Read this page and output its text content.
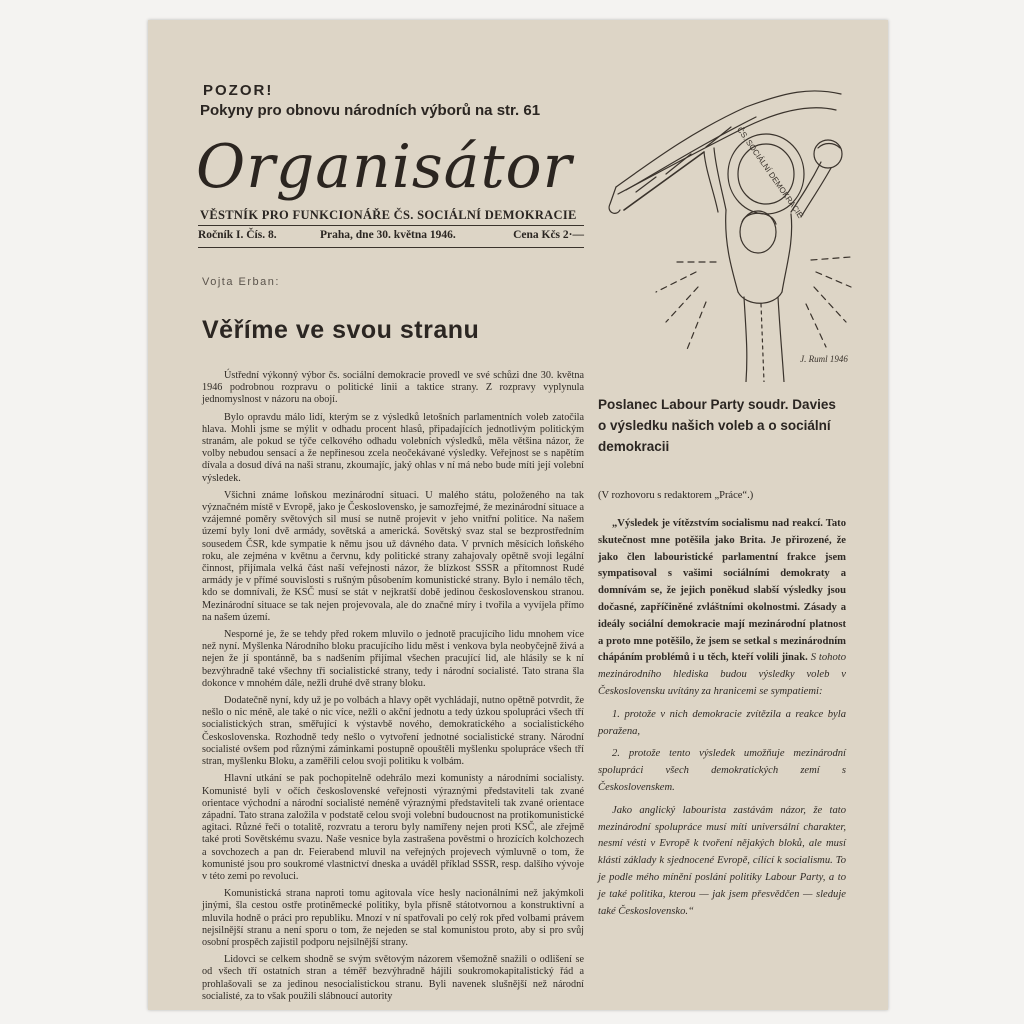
POZOR!
Pokyny pro obnovu národních výborů na str. 61
Organisátor
VĚSTNÍK PRO FUNKCIONÁŘE ČS. SOCIÁLNÍ DEMOKRACIE
Ročník I. Čís. 8.	Praha, dne 30. května 1946.	Cena Kčs 2·—
ČS. SOCIÁLNÍ DEMOKRACIE
J. Ruml 1946
Vojta Erban:
Věříme ve svou stranu

Ústřední výkonný výbor čs. sociální demokracie provedl ve své schůzi dne 30. května 1946 podrobnou rozpravu o politické linii a taktice strany. Z rozpravy vyplynula jednomyslnost v názoru na obojí.

Bylo opravdu málo lidí, kterým se z výsledků letošních parlamentních voleb zatočila hlava. Mohli jsme se mýlit v odhadu procent hlasů, připadajících jednotlivým politickým stranám, ale pokud se týče celkového odhadu volebních výsledků, měla většina názor, že volby nebudou sensací a že nepřinesou zcela neočekávané výsledky. Veřejnost se s napětím dívala a dosud dívá na naši stranu, zkoumajíc, jaký ohlas v ní má nebo bude míti její volební výsledek.

Všichni známe loňskou mezinárodní situaci. U malého státu, položeného na tak význačném místě v Evropě, jako je Československo, je samozřejmé, že mezinárodní situace a vzájemné poměry světových sil musí se nutně projevit v jeho vnitřní politice. Na našem území byly loni dvě armády, sovětská a americká. Sovětský svaz stal se bezprostředním sousedem ČSR, kde sympatie k němu jsou už dávného data. V prvních měsících loňského roku, ale zejména v květnu a červnu, kdy politické strany zahajovaly opětně svoji legální činnost, přijímala velká část naší veřejnosti názor, že blízkost SSSR a přítomnost Rudé armády je v přímé souvislosti s rušným působením komunistické strany. Bylo i nemálo těch, kdo se domnívali, že KSČ musí se stát v nejkratší době jedinou československou stranou. Mezinárodní situace se tak nejen projevovala, ale do značné míry i tvořila a vyvíjela přímo na našem území.

Nesporné je, že se tehdy před rokem mluvilo o jednotě pracujícího lidu mnohem více než nyní. Myšlenka Národního bloku pracujícího lidu měst i venkova byla neobyčejně živá a nejen že jí spontánně, ba s nadšením přijímal všechen pracující lid, ale hlásily se k ní bezvýhradně také všechny tři socialistické strany, tedy i národní socialisté. Tato strana šla dokonce v mnohém dále, nežli druhé dvě strany bloku.

Dodatečně nyní, kdy už je po volbách a hlavy opět vychládají, nutno opětně potvrdit, že nešlo o nic méně, ale také o nic více, nežli o akční jednotu a tedy úzkou spolupráci všech tří socialistických stran, směřující k výstavbě nového, demokratického a socialistického Československa. Rozhodně tedy nešlo o vytvoření jednotné socialistické strany. Národní socialisté ovšem pod různými záminkami postupně opouštěli myšlenku spolupráce všech tří stran, myšlenku Bloku, a zaměřili celou svoji politiku k volbám.

Hlavní utkání se pak pochopitelně odehrálo mezi komunisty a národními socialisty. Komunisté byli v očích československé veřejnosti výraznými představiteli tak zvané orientace východní a národní socialisté neméně výraznými představiteli tak zvané orientace západní. Tato strana založila v podstatě celou svoji volební budoucnost na protikomunistické agitaci. Různé řeči o totalitě, rozvratu a teroru byly namířeny nejen proti KSČ, ale zřejmě také proti Sovětskému svazu. Naše vesnice byla zastrašena pověstmi o hrozících kolchozech a sovchozech a pan dr. Feierabend mluvil na veřejných projevech výmluvně o tom, že komunisté jsou pro soukromé vlastnictví dneska a uváděl příklad SSSR, resp. dalšího vývoje v této zemi po revoluci.

Komunistická strana naproti tomu agitovala více hesly nacionálními než jakýmkoli jinými, šla cestou ostře protiněmecké politiky, byla přísně státotvornou a konstruktivní a mluvila hodně o práci pro republiku. Mnozí v ní spatřovali po celý rok před volbami právem nejsilnější stranu a není sporu o tom, že nejeden se stal komunistou proto, aby si pro svůj osobní prospěch zajistil podporu nejsilnější strany.

Lidovci se celkem shodně se svým světovým názorem všemožně snažili o odlišení se od všech tří ostatních stran a téměř bezvýhradně hájili soukromokapitalistický řád a prohlašovali se za jedinou nesocialistickou stranu. Byli navenek slušnější než národní socialisté, za to však použili slábnoucí autority

Poslanec Labour Party soudr. Davies o výsledku našich voleb a o sociální demokracii
(V rozhovoru s redaktorem „Práce“.)

„Výsledek je vítězstvím socialismu nad reakcí. Tato skutečnost mne potěšila jako Brita. Je přirozené, že jako člen labouristické parlamentní frakce jsem sympatisoval s vašimi sociálními demokraty a domnívám se, že jejich poněkud slabší výsledky jsou dočasné, zapříčiněné zvláštními okolnostmi. Zásady a ideály sociální demokracie mají mezinárodní platnost a proto mne potěšilo, že jsem se setkal s mezinárodním chápáním problémů i u těch, kteří volili jinak. S tohoto mezinárodního hlediska budou výsledky voleb v Československu uvítány za hranicemi se sympatiemi:

1. protože v nich demokracie zvítězila a reakce byla poražena,

2. protože tento výsledek umožňuje mezinárodní spolupráci všech demokratických zemí s Československem.

Jako anglický labourista zastávám názor, že tato mezinárodní spolupráce musí míti universální charakter, nesmí vésti v Evropě k tvoření nějakých bloků, ale musí klásti základy k sjednocené Evropě, cílící k socialismu. To je podle mého mínění poslání politiky Labour Party, a to je také politika, kterou — jak jsem přesvědčen — sleduje také Československo.“
